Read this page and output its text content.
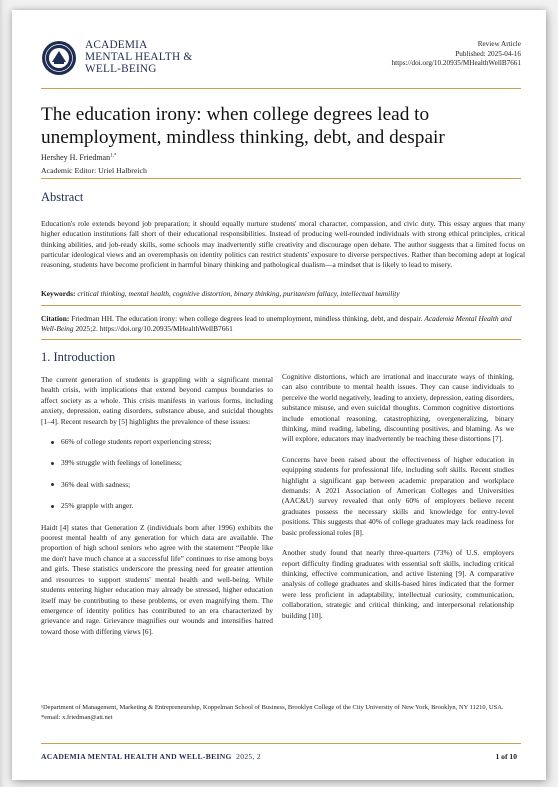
ACADEMIA
MENTAL HEALTH &
WELL-BEING
Review Article
Published: 2025-04-16
https://doi.org/10.20935/MHealthWellB7661
The education irony: when college degrees lead to unemployment, mindless thinking, debt, and despair
Hershey H. Friedman$^{1,*}$
Academic Editor: Uriel Halbreich
Abstract

Education's role extends beyond job preparation; it should equally nurture students' moral character, compassion, and civic duty. This essay argues that many higher education institutions fall short of their educational responsibilities. Instead of producing well-rounded individuals with strong ethical principles, critical thinking abilities, and job-ready skills, some schools may inadvertently stifle creativity and discourage open debate. The author suggests that a limited focus on particular ideological views and an overemphasis on identity politics can restrict students' exposure to diverse perspectives. Rather than becoming adept at logical reasoning, students have become proficient in harmful binary thinking and pathological dualism—a mindset that is likely to lead to misery.

Keywords: critical thinking, mental health, cognitive distortion, binary thinking, puritanism fallacy, intellectual humility

Citation: Friedman HH. The education irony: when college degrees lead to unemployment, mindless thinking, debt, and despair. Academia Mental Health and Well-Being 2025;2. https://doi.org/10.20935/MHealthWellB7661

1. Introduction

The current generation of students is grappling with a significant mental health crisis, with implications that extend beyond campus boundaries to affect society as a whole. This crisis manifests in various forms, including anxiety, depression, eating disorders, substance abuse, and suicidal thoughts [1–4]. Recent research by [5] highlights the prevalence of these issues:

66% of college students report experiencing stress;
39% struggle with feelings of loneliness;
36% deal with sadness;
25% grapple with anger.

Haidt [4] states that Generation Z (individuals born after 1996) exhibits the poorest mental health of any generation for which data are available. The proportion of high school seniors who agree with the statement “People like me don't have much chance at a successful life” continues to rise among boys and girls. These statistics underscore the pressing need for greater attention and resources to support students' mental health and well-being. While students entering higher education may already be stressed, higher education itself may be contributing to these problems, or even magnifying them. The emergence of identity politics has contributed to an era characterized by grievance and rage. Grievance magnifies our wounds and intensifies hatred toward those with differing views [6].

Cognitive distortions, which are irrational and inaccurate ways of thinking, can also contribute to mental health issues. They can cause individuals to perceive the world negatively, leading to anxiety, depression, eating disorders, substance misuse, and even suicidal thoughts. Common cognitive distortions include emotional reasoning, catastrophizing, overgeneralizing, binary thinking, mind reading, labeling, discounting positives, and blaming. As we will explore, educators may inadvertently be teaching these distortions [7].

Concerns have been raised about the effectiveness of higher education in equipping students for professional life, including soft skills. Recent studies highlight a significant gap between academic preparation and workplace demands: A 2021 Association of American Colleges and Universities (AAC&U) survey revealed that only 60% of employers believe recent graduates possess the necessary skills and knowledge for entry-level positions. This suggests that 40% of college graduates may lack readiness for basic professional roles [8].

Another study found that nearly three-quarters (73%) of U.S. employers report difficulty finding graduates with essential soft skills, including critical thinking, effective communication, and active listening [9]. A comparative analysis of college graduates and skills-based hires indicated that the former were less proficient in adaptability, intellectual curiosity, communication, collaboration, strategic and critical thinking, and interpersonal relationship building [10].

¹Department of Management, Marketing & Entrepreneurship, Koppelman School of Business, Brooklyn College of the City University of New York, Brooklyn, NY 11210, USA.
*email: x.friedman@att.net
ACADEMIA MENTAL HEALTH AND WELL-BEING 2025, 2	1 of 10
